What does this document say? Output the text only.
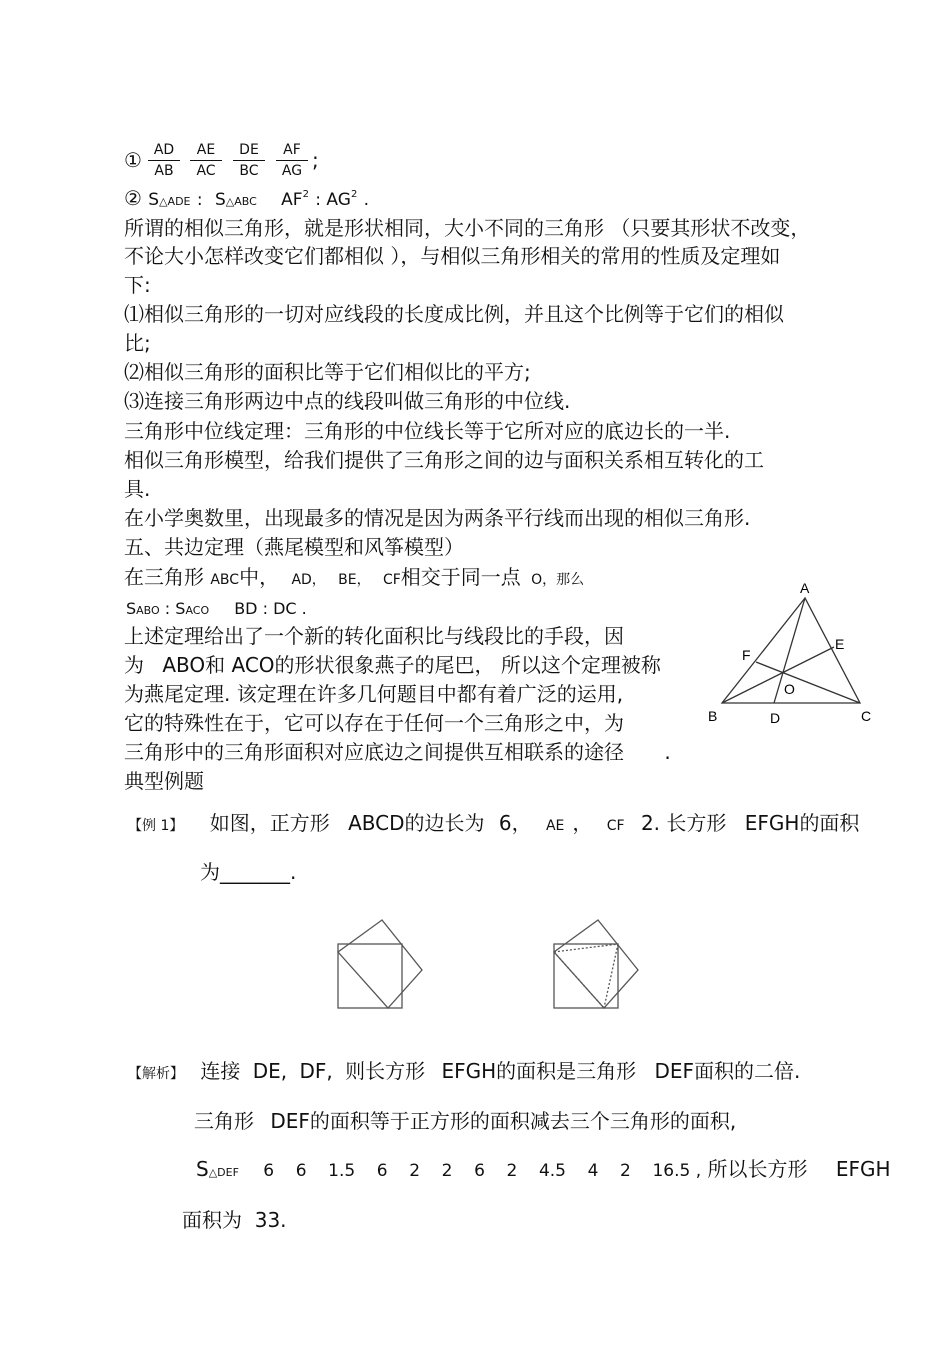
① AD
AB
AE
AC
DE
BC
AF
AG ;
② S△ADE : S△ABC $AF^2$ : $AG^2$ .
所谓的相似三角形，就是形状相同，大小不同的三角形 （只要其形状不改变，
不论大小怎样改变它们都相似 ），与相似三角形相关的常用的性质及定理如
下:
⑴相似三角形的一切对应线段的长度成比例，并且这个比例等于它们的相似
比;
⑵相似三角形的面积比等于它们相似比的平方;
⑶连接三角形两边中点的线段叫做三角形的中位线.
三角形中位线定理：三角形的中位线长等于它所对应的底边长的一半.
相似三角形模型，给我们提供了三角形之间的边与面积关系相互转化的工
具.
在小学奥数里，出现最多的情况是因为两条平行线而出现的相似三角形.
五、共边定理（燕尾模型和风筝模型）
在三角形 ABC中， AD， BE， CF相交于同一点 O，那么
SABO : SACO BD : DC .
上述定理给出了一个新的转化面积比与线段比的手段，因
为 ABO和 ACO的形状很象燕子的尾巴， 所以这个定理被称
为燕尾定理. 该定理在许多几何题目中都有着广泛的运用,
它的特殊性在于，它可以存在于任何一个三角形之中，为
三角形中的三角形面积对应底边之间提供互相联系的途径 .
典型例题
A
B	C
D
E
F
O
【例 1】 如图，正方形 ABCD的边长为 6， AE ， CF 2. 长方形 EFGH的面积
为_______.
【解析】 连接 DE, DF, 则长方形 EFGH的面积是三角形 DEF面积的二倍.
三角形 DEF的面积等于正方形的面积减去三个三角形的面积,
S△DEF 6    6    1.5    6    2    2    6    2    4.5    4    2    16.5 , 所以长方形 EFGH
面积为  33.
